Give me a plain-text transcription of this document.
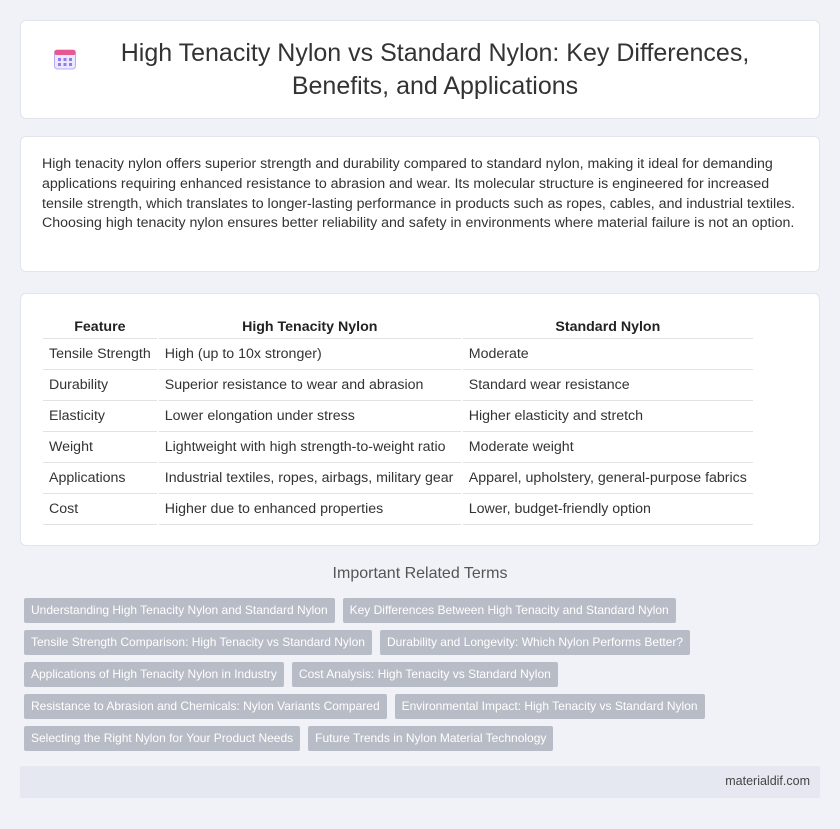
High Tenacity Nylon vs Standard Nylon: Key Differences, Benefits, and Applications

High tenacity nylon offers superior strength and durability compared to standard nylon, making it ideal for demanding applications requiring enhanced resistance to abrasion and wear. Its molecular structure is engineered for increased tensile strength, which translates to longer-lasting performance in products such as ropes, cables, and industrial textiles. Choosing high tenacity nylon ensures better reliability and safety in environments where material failure is not an option.

Feature	High Tenacity Nylon	Standard Nylon
Tensile Strength	High (up to 10x stronger)	Moderate
Durability	Superior resistance to wear and abrasion	Standard wear resistance
Elasticity	Lower elongation under stress	Higher elasticity and stretch
Weight	Lightweight with high strength-to-weight ratio	Moderate weight
Applications	Industrial textiles, ropes, airbags, military gear	Apparel, upholstery, general-purpose fabrics
Cost	Higher due to enhanced properties	Lower, budget-friendly option
Important Related Terms
Understanding High Tenacity Nylon and Standard Nylon	Key Differences Between High Tenacity and Standard Nylon
Tensile Strength Comparison: High Tenacity vs Standard Nylon	Durability and Longevity: Which Nylon Performs Better?
Applications of High Tenacity Nylon in Industry	Cost Analysis: High Tenacity vs Standard Nylon
Resistance to Abrasion and Chemicals: Nylon Variants Compared	Environmental Impact: High Tenacity vs Standard Nylon
Selecting the Right Nylon for Your Product Needs	Future Trends in Nylon Material Technology
materialdif.com
